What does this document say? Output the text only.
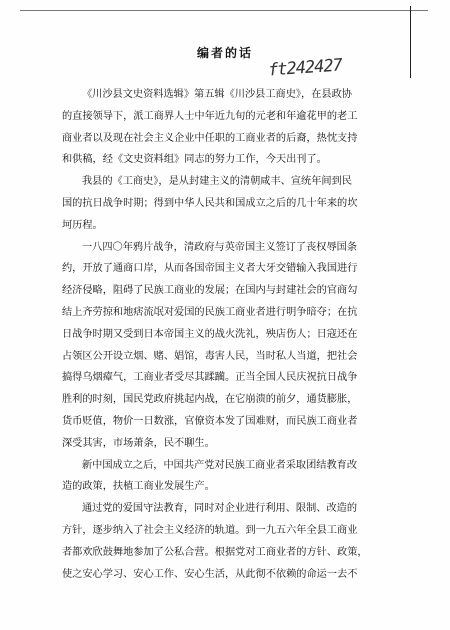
编者的话
ft242427
《川沙县文史资料选辑》第五辑《川沙县工商史》，在县政协
的直接领导下，派工商界人士中年近九旬的元老和年逾花甲的老工
商业者以及现在社会主义企业中任职的工商业者的后裔，热忱支持
和供稿，经《文史资料组》同志的努力工作，今天出刊了。
我县的《工商史》，是从封建主义的清朝咸丰、宣统年间到民
国的抗日战争时期；得到中华人民共和国成立之后的几十年来的坎
坷历程。
一八四〇年鸦片战争，清政府与英帝国主义签订了丧权辱国条
约，开放了通商口岸，从而各国帝国主义者大牙交错输入我国进行
经济侵略，阻碍了民族工商业的发展；在国内与封建社会的官商勾
结上齐劳掠和地痞流氓对爱国的民族工商业者进行明争暗夺；在抗
日战争时期又受到日本帝国主义的战火洗礼，殃店伤人；日寇还在
占领区公开设立烟、赌、娼馆，毒害人民，当时私人当道，把社会
搞得乌烟瘴气，工商业者受尽其蹂躏。正当全国人民庆祝抗日战争
胜利的时刻，国民党政府挑起内战，在它崩溃的前夕，通货膨胀，
货币贬值，物价一日数涨，官僚资本发了国难财，而民族工商业者
深受其害，市场萧条，民不聊生。
新中国成立之后，中国共产党对民族工商业者采取团结教育改
造的政策，扶植工商业发展生产。
通过党的爱国守法教育，同时对企业进行利用、限制、改造的
方针，逐步纳入了社会主义经济的轨道。到一九五六年全县工商业
者都欢欣鼓舞地参加了公私合营。根据党对工商业者的方针、政策，
使之安心学习、安心工作、安心生活，从此彻不依赖的命运一去不
